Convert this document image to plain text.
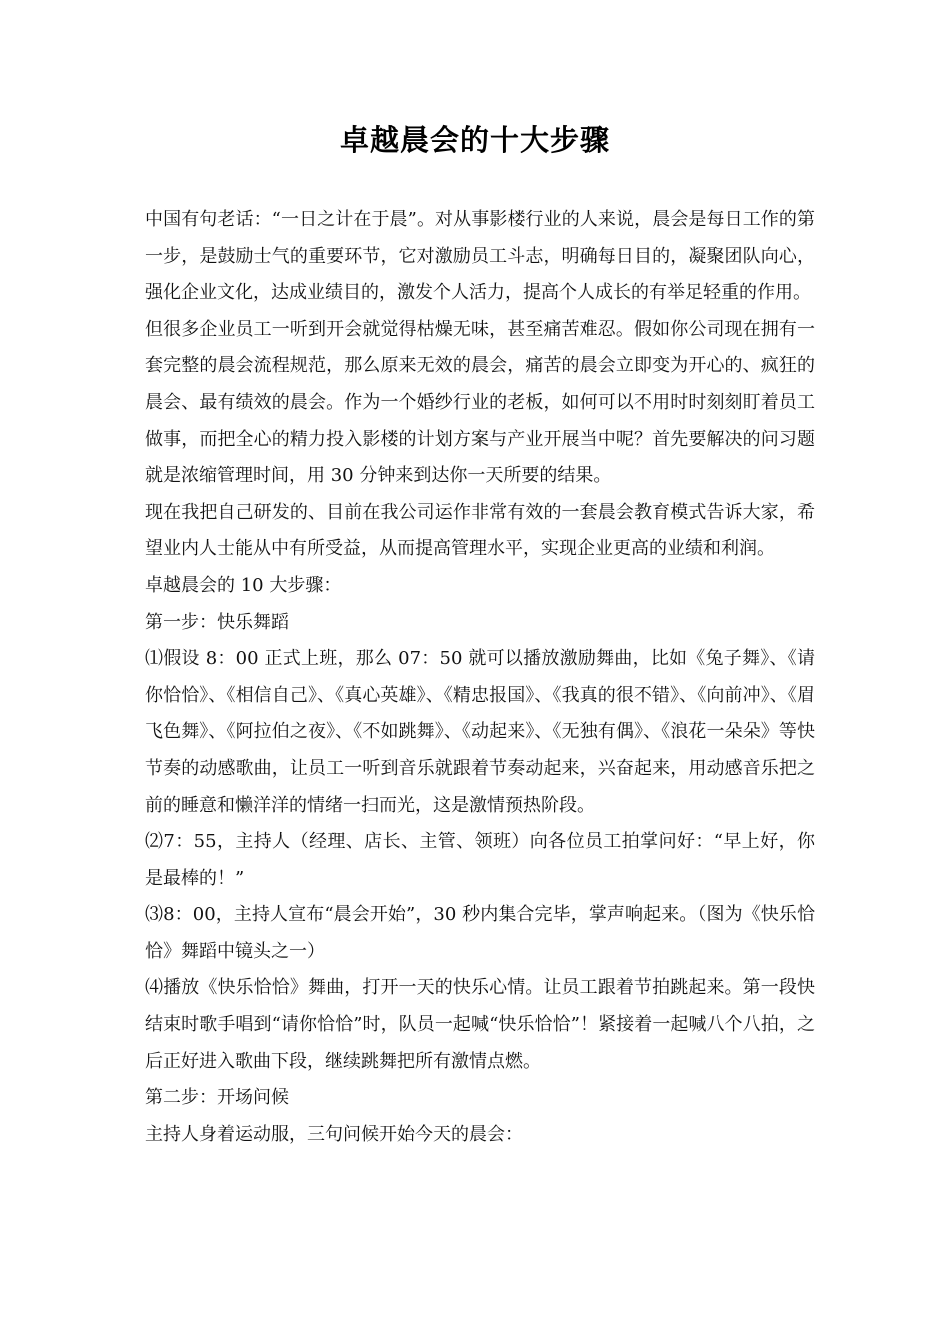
卓越晨会的十大步骤

中国有句老话：“一日之计在于晨”。对从事影楼行业的人来说，晨会是每日工作的第一步，是鼓励士气的重要环节，它对激励员工斗志，明确每日目的，凝聚团队向心，强化企业文化，达成业绩目的，激发个人活力，提高个人成长的有举足轻重的作用。

但很多企业员工一听到开会就觉得枯燥无味，甚至痛苦难忍。假如你公司现在拥有一套完整的晨会流程规范，那么原来无效的晨会，痛苦的晨会立即变为开心的、疯狂的晨会、最有绩效的晨会。作为一个婚纱行业的老板，如何可以不用时时刻刻盯着员工做事，而把全心的精力投入影楼的计划方案与产业开展当中呢？首先要解决的问习题就是浓缩管理时间，用 30 分钟来到达你一天所要的结果。

现在我把自己研发的、目前在我公司运作非常有效的一套晨会教育模式告诉大家，希望业内人士能从中有所受益，从而提高管理水平，实现企业更高的业绩和利润。

卓越晨会的 10 大步骤：

第一步：快乐舞蹈

⑴假设 8：00 正式上班，那么 07：50 就可以播放激励舞曲，比如《兔子舞》、《请你恰恰》、《相信自己》、《真心英雄》、《精忠报国》、《我真的很不错》、《向前冲》、《眉飞色舞》、《阿拉伯之夜》、《不如跳舞》、《动起来》、《无独有偶》、《浪花一朵朵》等快节奏的动感歌曲，让员工一听到音乐就跟着节奏动起来，兴奋起来，用动感音乐把之前的睡意和懒洋洋的情绪一扫而光，这是激情预热阶段。

⑵7：55，主持人（经理、店长、主管、领班）向各位员工拍掌问好：“早上好，你是最棒的！”

⑶8：00，主持人宣布“晨会开始”，30 秒内集合完毕，掌声响起来。（图为《快乐恰恰》舞蹈中镜头之一）

⑷播放《快乐恰恰》舞曲，打开一天的快乐心情。让员工跟着节拍跳起来。第一段快结束时歌手唱到“请你恰恰”时，队员一起喊“快乐恰恰”！紧接着一起喊八个八拍，之后正好进入歌曲下段，继续跳舞把所有激情点燃。

第二步：开场问候

主持人身着运动服，三句问候开始今天的晨会：
